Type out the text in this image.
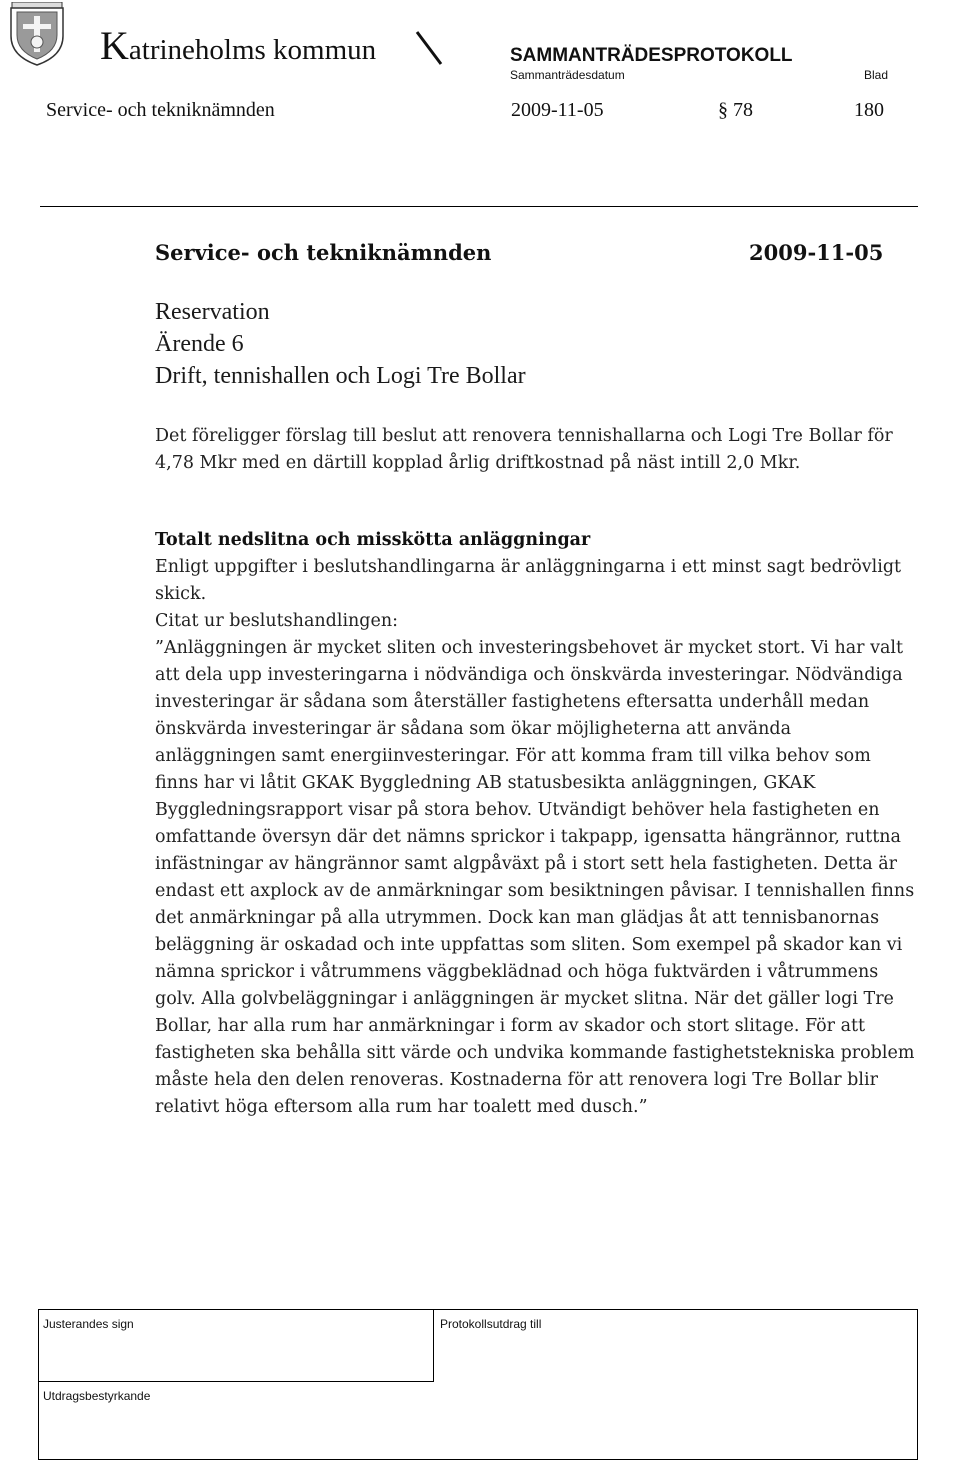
Katrineholms kommun	SAMMANTRÄDESPROTOKOLL
Sammanträdesdatum	Blad
Service- och tekniknämnden	2009-11-05	§ 78	180
Service- och tekniknämnden	2009-11-05
Reservation
Ärende 6
Drift, tennishallen och Logi Tre Bollar
Det föreligger förslag till beslut att renovera tennishallarna och Logi Tre Bollar för 4,78 Mkr med en därtill kopplad årlig driftkostnad på näst intill 2,0 Mkr.
Totalt nedslitna och misskötta anläggningar
Enligt uppgifter i beslutshandlingarna är anläggningarna i ett minst sagt bedrövligt skick.
Citat ur beslutshandlingen:
”Anläggningen är mycket sliten och investeringsbehovet är mycket stort. Vi har valt att dela upp investeringarna i nödvändiga och önskvärda investeringar. Nödvändiga investeringar är sådana som återställer fastighetens eftersatta underhåll medan önskvärda investeringar är sådana som ökar möjligheterna att använda anläggningen samt energiinvesteringar. För att komma fram till vilka behov som finns har vi låtit GKAK Byggledning AB statusbesikta anläggningen, GKAK Byggledningsrapport visar på stora behov. Utvändigt behöver hela fastigheten en omfattande översyn där det nämns sprickor i takpapp, igensatta hängrännor, ruttna infästningar av hängrännor samt algpåväxt på i stort sett hela fastigheten. Detta är endast ett axplock av de anmärkningar som besiktningen påvisar. I tennishallen finns det anmärkningar på alla utrymmen. Dock kan man glädjas åt att tennisbanornas beläggning är oskadad och inte uppfattas som sliten. Som exempel på skador kan vi nämna sprickor i våtrummens väggbeklädnad och höga fuktvärden i våtrummens golv. Alla golvbeläggningar i anläggningen är mycket slitna. När det gäller logi Tre Bollar, har alla rum har anmärkningar i form av skador och stort slitage. För att fastigheten ska behålla sitt värde och undvika kommande fastighetstekniska problem måste hela den delen renoveras. Kostnaderna för att renovera logi Tre Bollar blir relativt höga eftersom alla rum har toalett med dusch.”
Justerandes sign	Protokollsutdrag till
Utdragsbestyrkande
